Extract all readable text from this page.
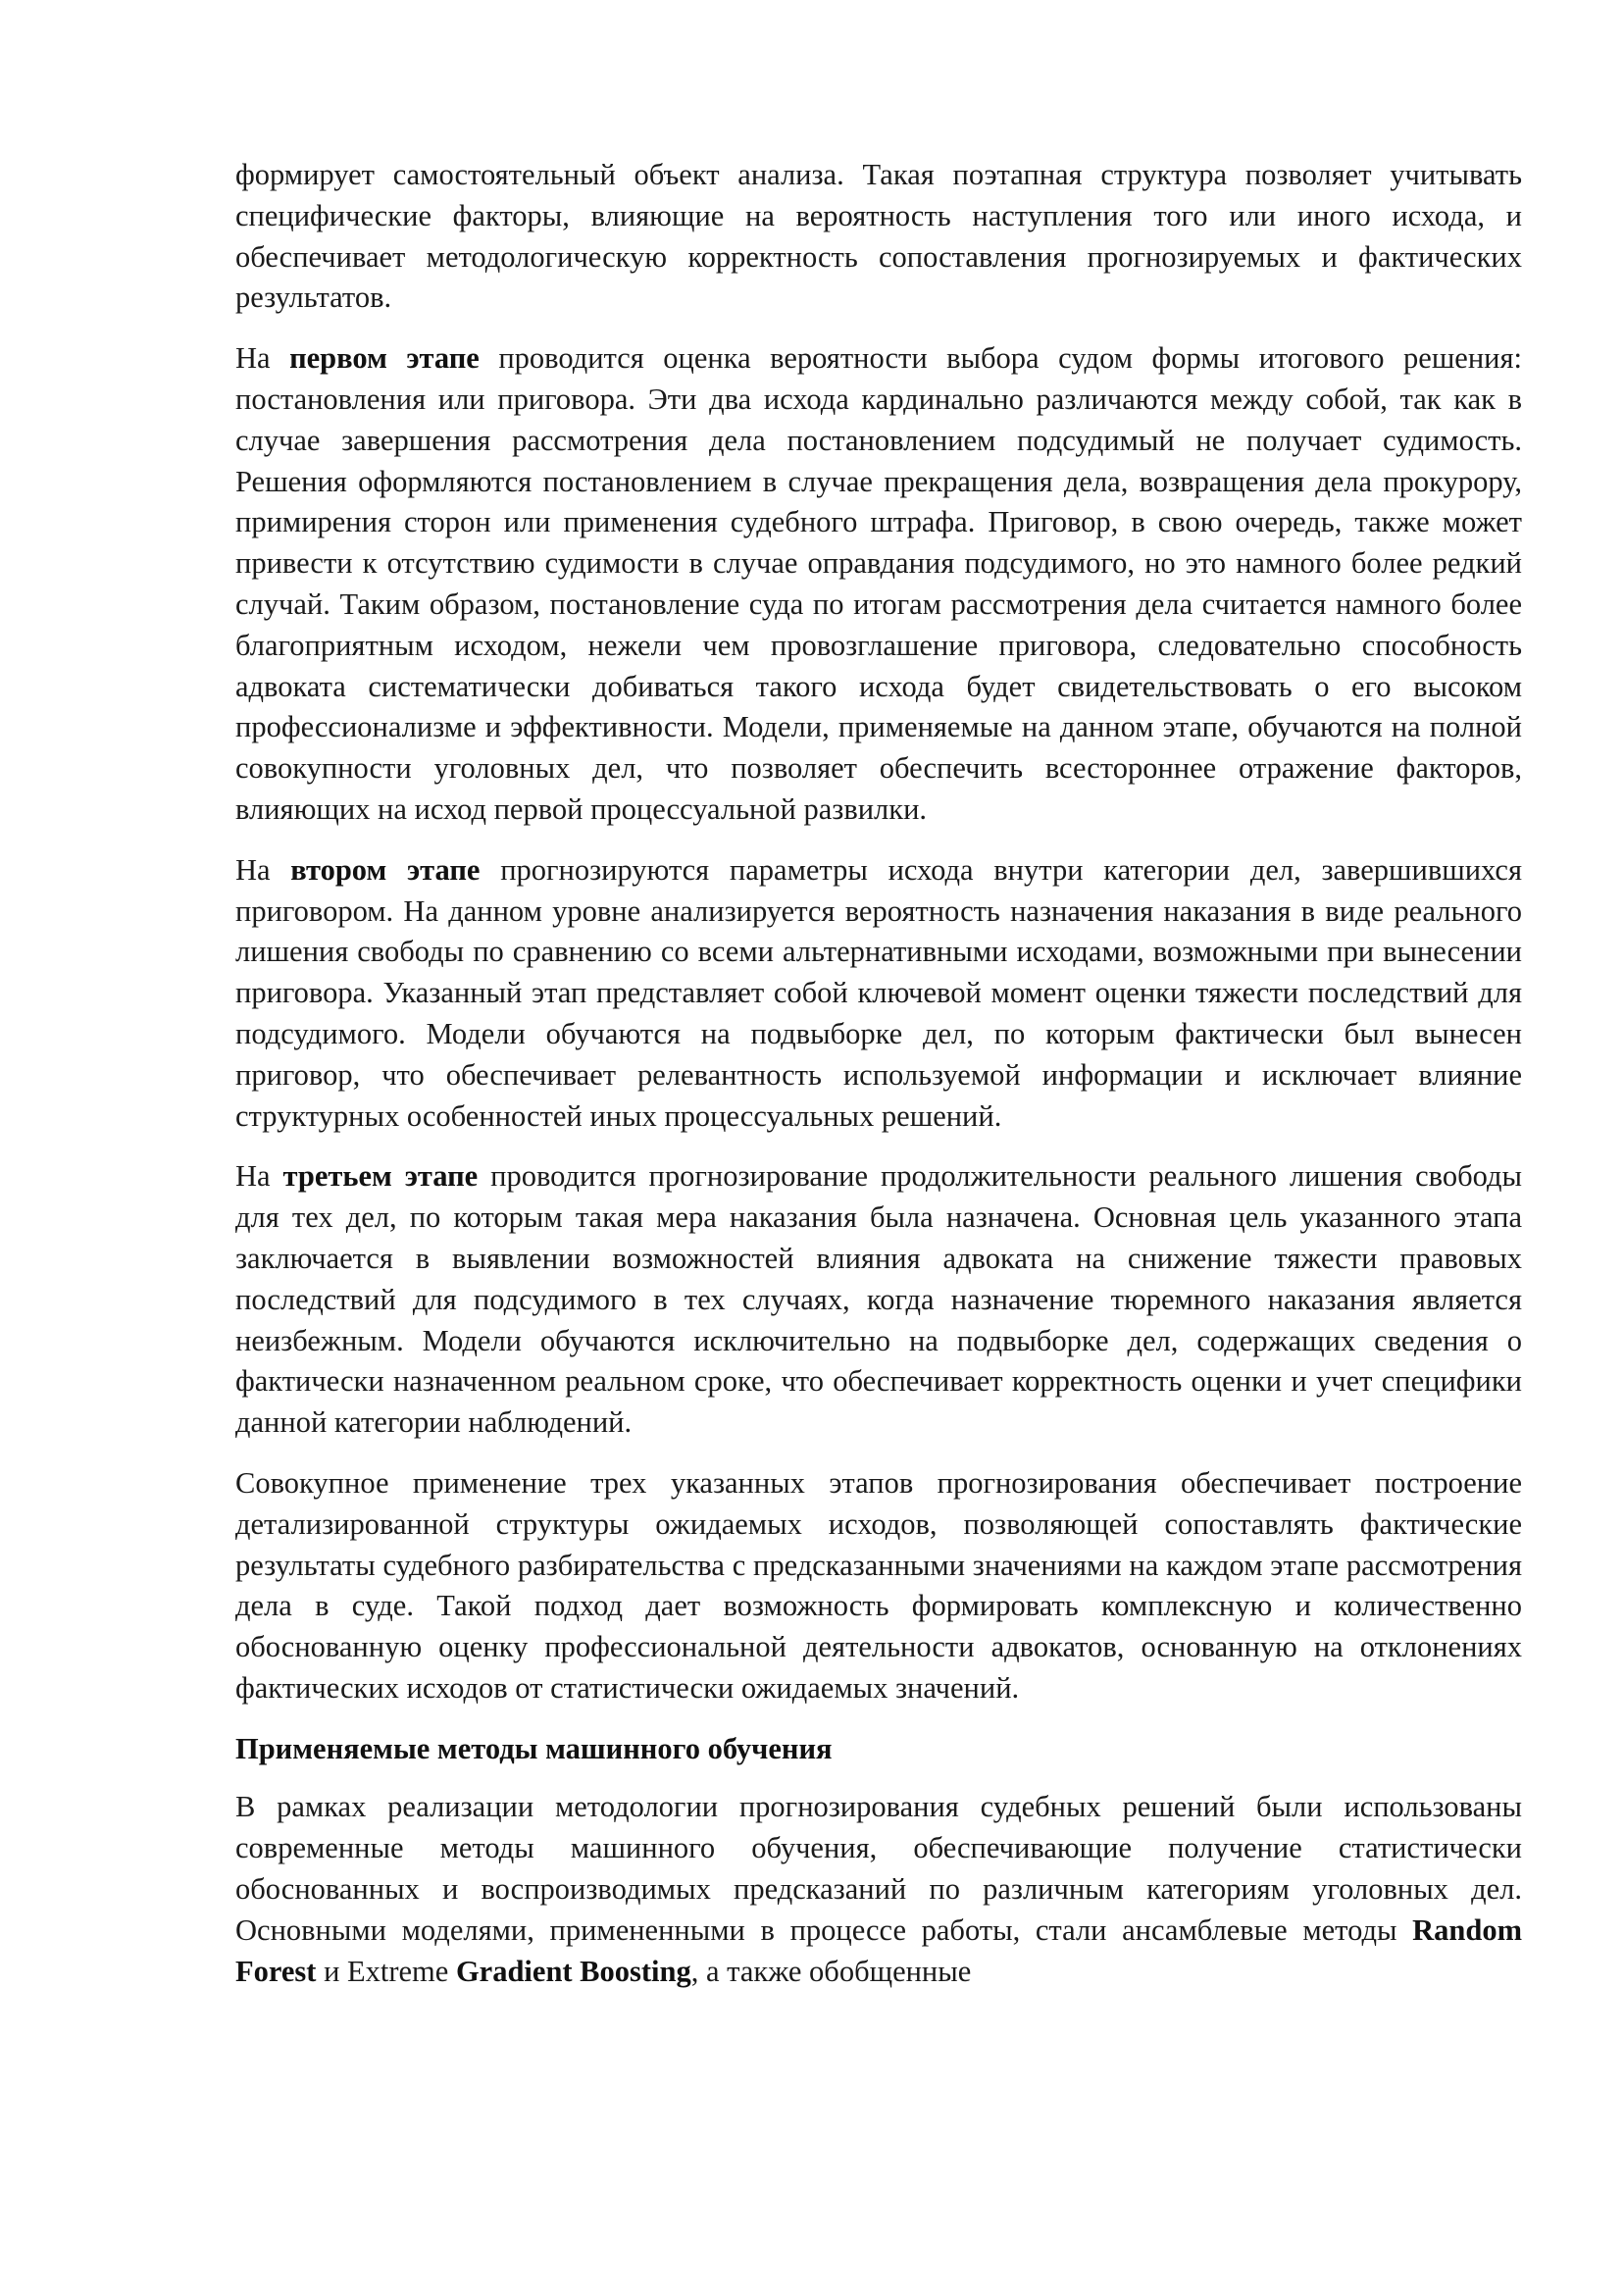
формирует самостоятельный объект анализа. Такая поэтапная структура позволяет учитывать специфические факторы, влияющие на вероятность наступления того или иного исхода, и обеспечивает методологическую корректность сопоставления прогнозируемых и фактических результатов.

На первом этапе проводится оценка вероятности выбора судом формы итогового решения: постановления или приговора. Эти два исхода кардинально различаются между собой, так как в случае завершения рассмотрения дела постановлением подсудимый не получает судимость. Решения оформляются постановлением в случае прекращения дела, возвращения дела прокурору, примирения сторон или применения судебного штрафа. Приговор, в свою очередь, также может привести к отсутствию судимости в случае оправдания подсудимого, но это намного более редкий случай. Таким образом, постановление суда по итогам рассмотрения дела считается намного более благоприятным исходом, нежели чем провозглашение приговора, следовательно способность адвоката систематически добиваться такого исхода будет свидетельствовать о его высоком профессионализме и эффективности. Модели, применяемые на данном этапе, обучаются на полной совокупности уголовных дел, что позволяет обеспечить всестороннее отражение факторов, влияющих на исход первой процессуальной развилки.

На втором этапе прогнозируются параметры исхода внутри категории дел, завершившихся приговором. На данном уровне анализируется вероятность назначения наказания в виде реального лишения свободы по сравнению со всеми альтернативными исходами, возможными при вынесении приговора. Указанный этап представляет собой ключевой момент оценки тяжести последствий для подсудимого. Модели обучаются на подвыборке дел, по которым фактически был вынесен приговор, что обеспечивает релевантность используемой информации и исключает влияние структурных особенностей иных процессуальных решений.

На третьем этапе проводится прогнозирование продолжительности реального лишения свободы для тех дел, по которым такая мера наказания была назначена. Основная цель указанного этапа заключается в выявлении возможностей влияния адвоката на снижение тяжести правовых последствий для подсудимого в тех случаях, когда назначение тюремного наказания является неизбежным. Модели обучаются исключительно на подвыборке дел, содержащих сведения о фактически назначенном реальном сроке, что обеспечивает корректность оценки и учет специфики данной категории наблюдений.

Совокупное применение трех указанных этапов прогнозирования обеспечивает построение детализированной структуры ожидаемых исходов, позволяющей сопоставлять фактические результаты судебного разбирательства с предсказанными значениями на каждом этапе рассмотрения дела в суде. Такой подход дает возможность формировать комплексную и количественно обоснованную оценку профессиональной деятельности адвокатов, основанную на отклонениях фактических исходов от статистически ожидаемых значений.

Применяемые методы машинного обучения

В рамках реализации методологии прогнозирования судебных решений были использованы современные методы машинного обучения, обеспечивающие получение статистически обоснованных и воспроизводимых предсказаний по различным категориям уголовных дел. Основными моделями, примененными в процессе работы, стали ансамблевые методы Random Forest и Extreme Gradient Boosting, а также обобщенные
